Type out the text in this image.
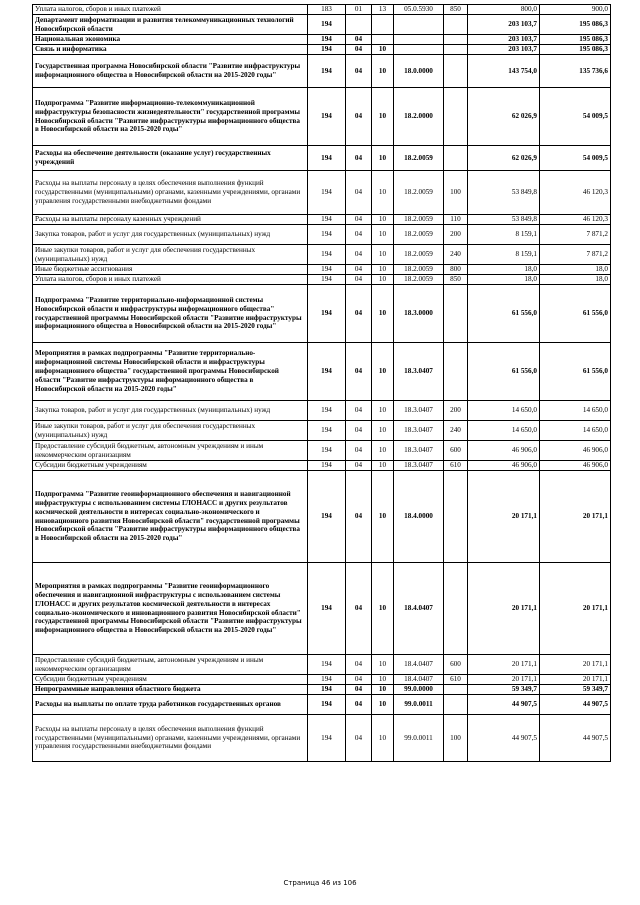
Уплата налогов, сборов и иных платежей	183	01	13	05.0.5930	850	800,0	900,0
Департамент информатизации и развития телекоммуникационных технологий Новосибирской области	194					203 103,7	195 086,3
Национальная экономика	194	04				203 103,7	195 086,3
Связь и информатика	194	04	10			203 103,7	195 086,3
Государственная программа Новосибирской области "Развитие инфраструктуры информационного общества в Новосибирской области на 2015-2020 годы"	194	04	10	18.0.0000		143 754,0	135 736,6
Подпрограмма "Развитие информационно-телекоммуникационной инфраструктуры безопасности жизнедеятельности" государственной программы Новосибирской области "Развитие инфраструктуры информационного общества в Новосибирской области на 2015-2020 годы"	194	04	10	18.2.0000		62 026,9	54 009,5
Расходы на обеспечение деятельности (оказание услуг) государственных учреждений	194	04	10	18.2.0059		62 026,9	54 009,5
Расходы на выплаты персоналу в целях обеспечения выполнения функций государственными (муниципальными) органами, казенными учреждениями, органами управления государственными внебюджетными фондами	194	04	10	18.2.0059	100	53 849,8	46 120,3
Расходы на выплаты персоналу казенных учреждений	194	04	10	18.2.0059	110	53 849,8	46 120,3
Закупка товаров, работ и услуг для государственных (муниципальных) нужд	194	04	10	18.2.0059	200	8 159,1	7 871,2
Иные закупки товаров, работ и услуг для обеспечения государственных (муниципальных) нужд	194	04	10	18.2.0059	240	8 159,1	7 871,2
Иные бюджетные ассигнования	194	04	10	18.2.0059	800	18,0	18,0
Уплата налогов, сборов и иных платежей	194	04	10	18.2.0059	850	18,0	18,0
Подпрограмма "Развитие территориально-информационной системы Новосибирской области и инфраструктуры информационного общества" государственной программы Новосибирской области "Развитие инфраструктуры информационного общества в Новосибирской области на 2015-2020 годы"	194	04	10	18.3.0000		61 556,0	61 556,0
Мероприятия в рамках подпрограммы "Развитие территориально-информационной системы Новосибирской области и инфраструктуры информационного общества" государственной программы Новосибирской области "Развитие инфраструктуры информационного общества в Новосибирской области на 2015-2020 годы"	194	04	10	18.3.0407		61 556,0	61 556,0
Закупка товаров, работ и услуг для государственных (муниципальных) нужд	194	04	10	18.3.0407	200	14 650,0	14 650,0
Иные закупки товаров, работ и услуг для обеспечения государственных (муниципальных) нужд	194	04	10	18.3.0407	240	14 650,0	14 650,0
Предоставление субсидий бюджетным, автономным учреждениям и иным некоммерческим организациям	194	04	10	18.3.0407	600	46 906,0	46 906,0
Субсидии бюджетным учреждениям	194	04	10	18.3.0407	610	46 906,0	46 906,0
Подпрограмма "Развитие геоинформационного обеспечения и навигационной инфраструктуры с использованием системы ГЛОНАСС и других результатов космической деятельности в интересах социально-экономического и инновационного развития Новосибирской области" государственной программы Новосибирской области "Развитие инфраструктуры информационного общества в Новосибирской области на 2015-2020 годы"	194	04	10	18.4.0000		20 171,1	20 171,1
Мероприятия в рамках подпрограммы "Развитие геоинформационного обеспечения и навигационной инфраструктуры с использованием системы ГЛОНАСС и других результатов космической деятельности в интересах социально-экономического и инновационного развития Новосибирской области" государственной программы Новосибирской области "Развитие инфраструктуры информационного общества в Новосибирской области на 2015-2020 годы"	194	04	10	18.4.0407		20 171,1	20 171,1
Предоставление субсидий бюджетным, автономным учреждениям и иным некоммерческим организациям	194	04	10	18.4.0407	600	20 171,1	20 171,1
Субсидии бюджетным учреждениям	194	04	10	18.4.0407	610	20 171,1	20 171,1
Непрограммные направления областного бюджета	194	04	10	99.0.0000		59 349,7	59 349,7
Расходы на выплаты по оплате труда работников государственных органов	194	04	10	99.0.0011		44 907,5	44 907,5
Расходы на выплаты персоналу в целях обеспечения выполнения функций государственными (муниципальными) органами, казенными учреждениями, органами управления государственными внебюджетными фондами	194	04	10	99.0.0011	100	44 907,5	44 907,5
Страница 46 из 106
